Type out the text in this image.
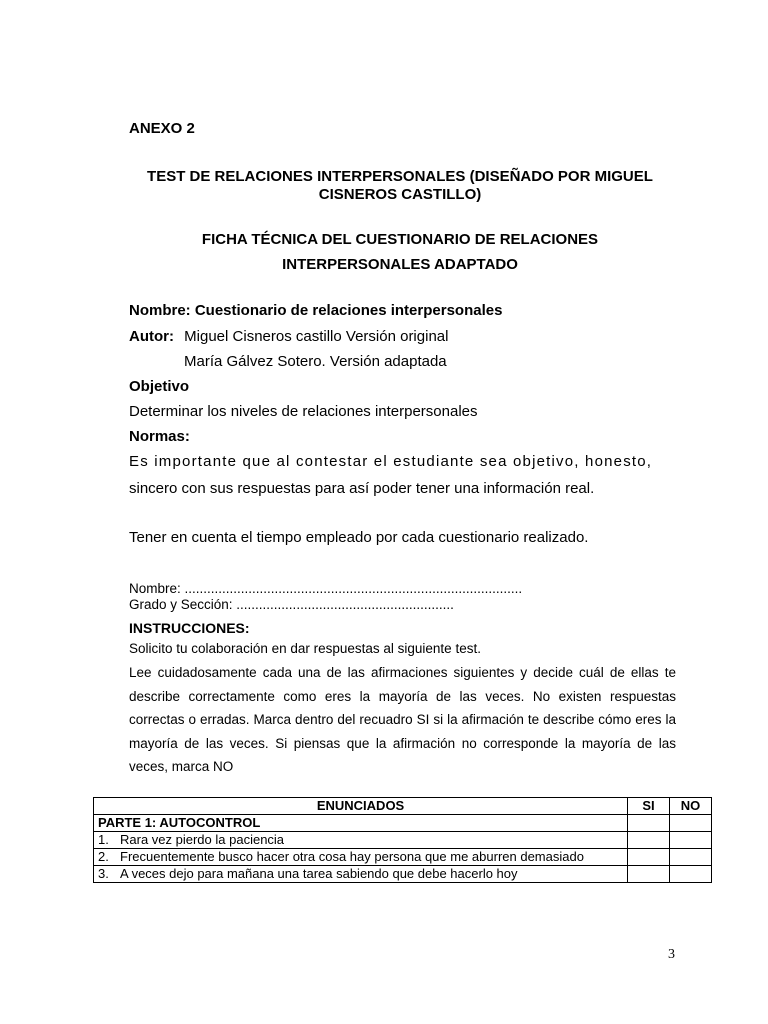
ANEXO 2
TEST DE RELACIONES INTERPERSONALES (DISEÑADO POR MIGUEL
CISNEROS CASTILLO)
FICHA TÉCNICA DEL CUESTIONARIO DE RELACIONES
INTERPERSONALES ADAPTADO
Nombre: Cuestionario de relaciones interpersonales
Autor: Miguel Cisneros castillo Versión original
María Gálvez Sotero. Versión adaptada
Objetivo
Determinar los niveles de relaciones interpersonales
Normas:
Es importante que al contestar el estudiante sea objetivo, honesto,
sincero con sus respuestas para así poder tener una información real.
Tener en cuenta el tiempo empleado por cada cuestionario realizado.
Nombre: ..........................................................................................
Grado y Sección: ..........................................................
INSTRUCCIONES:
Solicito tu colaboración en dar respuestas al siguiente test.
Lee cuidadosamente cada una de las afirmaciones siguientes y decide cuál de ellas te describe correctamente como eres la mayoría de las veces. No existen respuestas correctas o erradas. Marca dentro del recuadro SI si la afirmación te describe cómo eres la mayoría de las veces. Si piensas que la afirmación no corresponde la mayoría de las veces, marca NO
ENUNCIADOS	SI	NO
PARTE 1: AUTOCONTROL		

1. Rara vez pierdo la paciencia		

2. Frecuentemente busco hacer otra cosa hay persona que me aburren demasiado		

3. A veces dejo para mañana una tarea sabiendo que debe hacerlo hoy		

3
